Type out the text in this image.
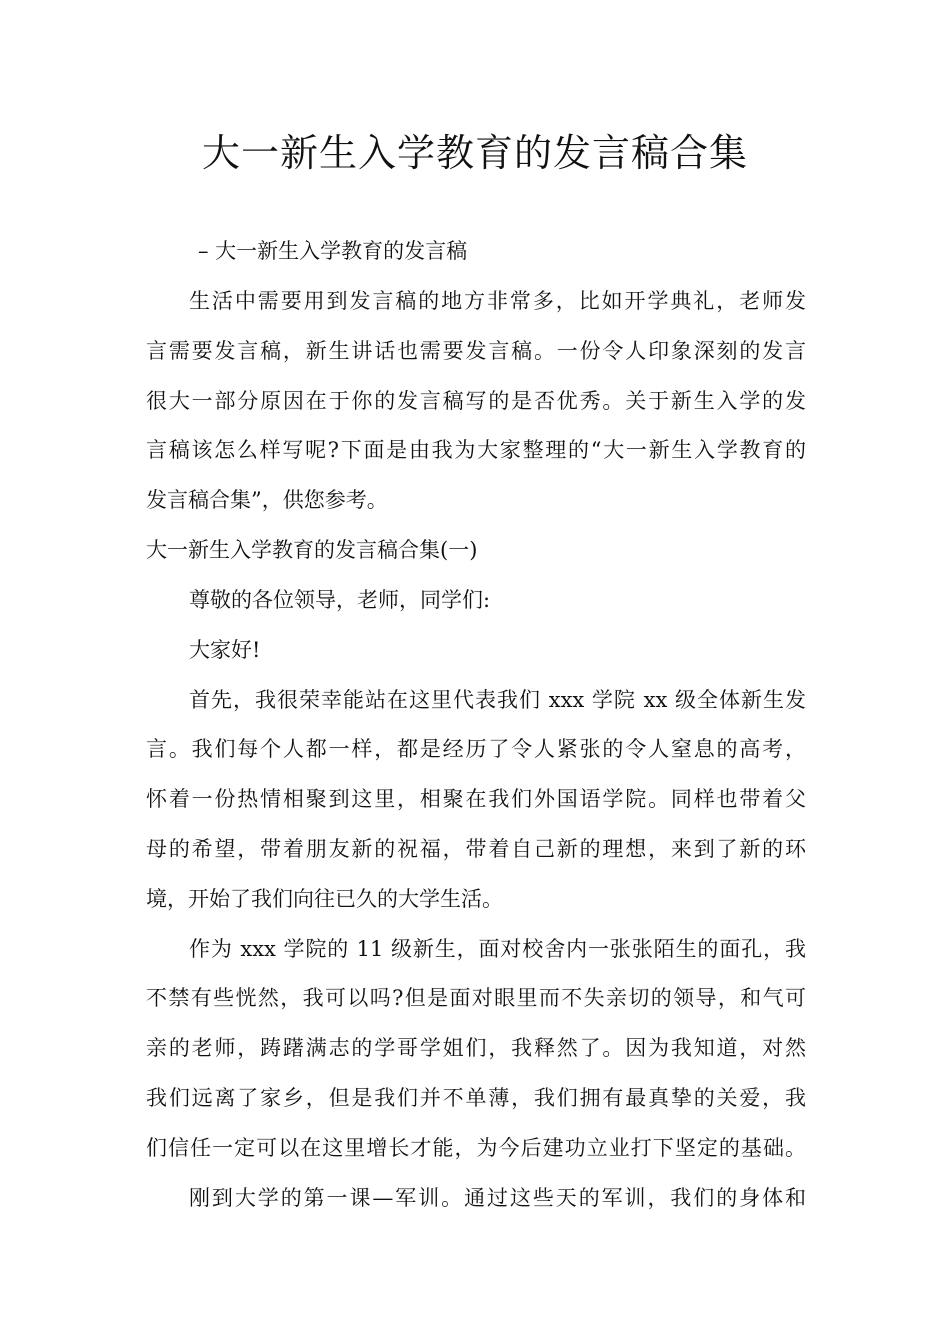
大一新生入学教育的发言稿合集
– 大一新生入学教育的发言稿
生活中需要用到发言稿的地方非常多，比如开学典礼，老师发
言需要发言稿，新生讲话也需要发言稿。一份令人印象深刻的发言
很大一部分原因在于你的发言稿写的是否优秀。关于新生入学的发
言稿该怎么样写呢?下面是由我为大家整理的“大一新生入学教育的
发言稿合集”，供您参考。
大一新生入学教育的发言稿合集(一)
尊敬的各位领导，老师，同学们:
大家好!
首先，我很荣幸能站在这里代表我们 xxx 学院 xx 级全体新生发
言。我们每个人都一样，都是经历了令人紧张的令人窒息的高考，
怀着一份热情相聚到这里，相聚在我们外国语学院。同样也带着父
母的希望，带着朋友新的祝福，带着自己新的理想，来到了新的环
境，开始了我们向往已久的大学生活。
作为 xxx 学院的 11 级新生，面对校舍内一张张陌生的面孔，我
不禁有些恍然，我可以吗?但是面对眼里而不失亲切的领导，和气可
亲的老师，踌躇满志的学哥学姐们，我释然了。因为我知道，对然
我们远离了家乡，但是我们并不单薄，我们拥有最真挚的关爱，我
们信任一定可以在这里增长才能，为今后建功立业打下坚定的基础。
刚到大学的第一课—军训。通过这些天的军训，我们的身体和
